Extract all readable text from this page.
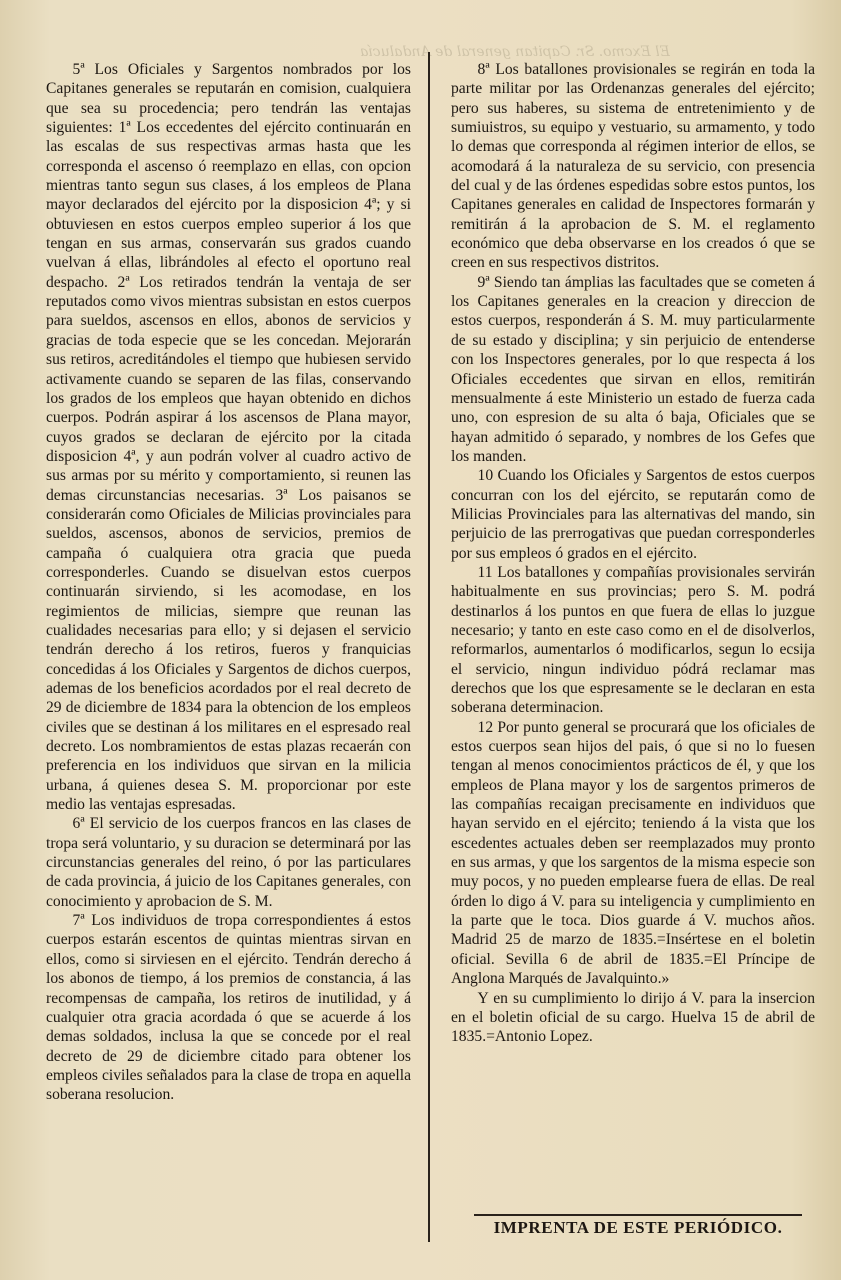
El Excmo. Sr. Capitan general de Andalucía

5ª Los Oficiales y Sargentos nombrados por los Capitanes generales se reputarán en comision, cualquiera que sea su procedencia; pero tendrán las ventajas siguientes: 1ª Los eccedentes del ejército continuarán en las escalas de sus respectivas armas hasta que les corresponda el ascenso ó reemplazo en ellas, con opcion mientras tanto segun sus clases, á los empleos de Plana mayor declarados del ejército por la disposicion 4ª; y si obtuviesen en estos cuerpos empleo superior á los que tengan en sus armas, conservarán sus grados cuando vuelvan á ellas, librándoles al efecto el oportuno real despacho. 2ª Los retirados tendrán la ventaja de ser reputados como vivos mientras subsistan en estos cuerpos para sueldos, ascensos en ellos, abonos de servicios y gracias de toda especie que se les concedan. Mejorarán sus retiros, acreditándoles el tiempo que hubiesen servido activamente cuando se separen de las filas, conservando los grados de los empleos que hayan obtenido en dichos cuerpos. Podrán aspirar á los ascensos de Plana mayor, cuyos grados se declaran de ejército por la citada disposicion 4ª, y aun podrán volver al cuadro activo de sus armas por su mérito y comportamiento, si reunen las demas circunstancias necesarias. 3ª Los paisanos se considerarán como Oficiales de Milicias provinciales para sueldos, ascensos, abonos de servicios, premios de campaña ó cualquiera otra gracia que pueda corresponderles. Cuando se disuelvan estos cuerpos continuarán sirviendo, si les acomodase, en los regimientos de milicias, siempre que reunan las cualidades necesarias para ello; y si dejasen el servicio tendrán derecho á los retiros, fueros y franquicias concedidas á los Oficiales y Sargentos de dichos cuerpos, ademas de los beneficios acordados por el real decreto de 29 de diciembre de 1834 para la obtencion de los empleos civiles que se destinan á los militares en el espresado real decreto. Los nombramientos de estas plazas recaerán con preferencia en los individuos que sirvan en la milicia urbana, á quienes desea S. M. proporcionar por este medio las ventajas espresadas.

6ª El servicio de los cuerpos francos en las clases de tropa será voluntario, y su duracion se determinará por las circunstancias generales del reino, ó por las particulares de cada provincia, á juicio de los Capitanes generales, con conocimiento y aprobacion de S. M.

7ª Los individuos de tropa correspondientes á estos cuerpos estarán escentos de quintas mientras sirvan en ellos, como si sirviesen en el ejército. Tendrán derecho á los abonos de tiempo, á los premios de constancia, á las recompensas de campaña, los retiros de inutilidad, y á cualquier otra gracia acordada ó que se acuerde á los demas soldados, inclusa la que se concede por el real decreto de 29 de diciembre citado para obtener los empleos civiles señalados para la clase de tropa en aquella soberana resolucion.

8ª Los batallones provisionales se regirán en toda la parte militar por las Ordenanzas generales del ejército; pero sus haberes, su sistema de entretenimiento y de sumiuistros, su equipo y vestuario, su armamento, y todo lo demas que corresponda al régimen interior de ellos, se acomodará á la naturaleza de su servicio, con presencia del cual y de las órdenes espedidas sobre estos puntos, los Capitanes generales en calidad de Inspectores formarán y remitirán á la aprobacion de S. M. el reglamento económico que deba observarse en los creados ó que se creen en sus respectivos distritos.

9ª Siendo tan ámplias las facultades que se cometen á los Capitanes generales en la creacion y direccion de estos cuerpos, responderán á S. M. muy particularmente de su estado y disciplina; y sin perjuicio de entenderse con los Inspectores generales, por lo que respecta á los Oficiales eccedentes que sirvan en ellos, remitirán mensualmente á este Ministerio un estado de fuerza cada uno, con espresion de su alta ó baja, Oficiales que se hayan admitido ó separado, y nombres de los Gefes que los manden.

10 Cuando los Oficiales y Sargentos de estos cuerpos concurran con los del ejército, se reputarán como de Milicias Provinciales para las alternativas del mando, sin perjuicio de las prerrogativas que puedan corresponderles por sus empleos ó grados en el ejército.

11 Los batallones y compañías provisionales servirán habitualmente en sus provincias; pero S. M. podrá destinarlos á los puntos en que fuera de ellas lo juzgue necesario; y tanto en este caso como en el de disolverlos, reformarlos, aumentarlos ó modificarlos, segun lo ecsija el servicio, ningun individuo pódrá reclamar mas derechos que los que espresamente se le declaran en esta soberana determinacion.

12 Por punto general se procurará que los oficiales de estos cuerpos sean hijos del pais, ó que si no lo fuesen tengan al menos conocimientos prácticos de él, y que los empleos de Plana mayor y los de sargentos primeros de las compañías recaigan precisamente en individuos que hayan servido en el ejército; teniendo á la vista que los escedentes actuales deben ser reemplazados muy pronto en sus armas, y que los sargentos de la misma especie son muy pocos, y no pueden emplearse fuera de ellas. De real órden lo digo á V. para su inteligencia y cumplimiento en la parte que le toca. Dios guarde á V. muchos años. Madrid 25 de marzo de 1835.=Insértese en el boletin oficial. Sevilla 6 de abril de 1835.=El Príncipe de Anglona Marqués de Javalquinto.»

Y en su cumplimiento lo dirijo á V. para la insercion en el boletin oficial de su cargo. Huelva 15 de abril de 1835.=Antonio Lopez.

IMPRENTA DE ESTE PERIÓDICO.
